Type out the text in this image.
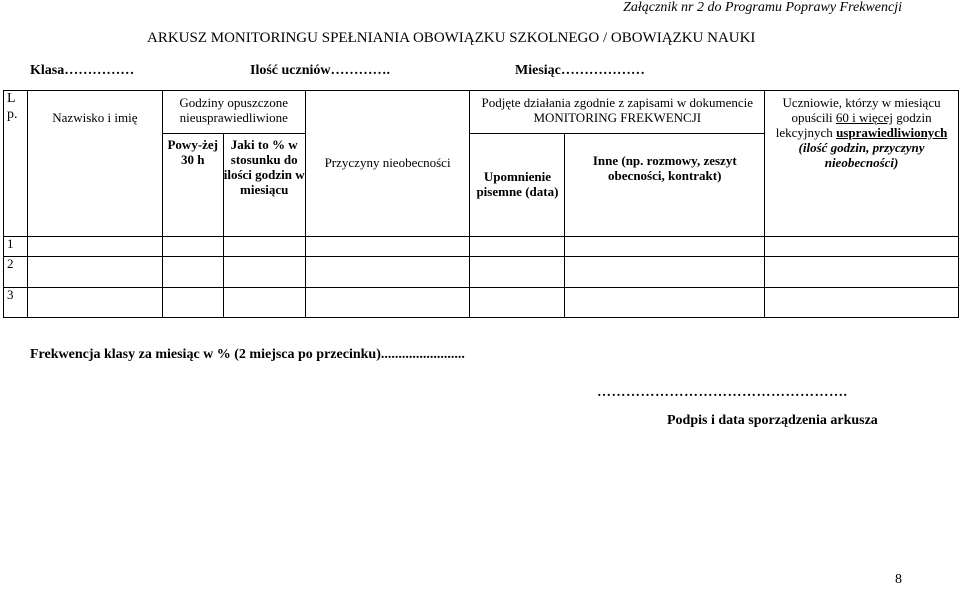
Załącznik nr 2 do Programu Poprawy Frekwencji
ARKUSZ MONITORINGU SPEŁNIANIA OBOWIĄZKU SZKOLNEGO / OBOWIĄZKU NAUKI
Klasa……………	Ilość uczniów………….	Miesiąc………………
L p.	Nazwisko i imię	Godziny opuszczone nieusprawiedliwione		Przyczyny nieobecności	Podjęte działania zgodnie z zapisami w dokumencie MONITORING FREKWENCJI		Uczniowie, którzy w miesiącu opuścili 60 i więcej godzin lekcyjnych usprawiedliwionych
(ilość godzin, przyczyny nieobecności)
		Powy-żej 30 h	Jaki to % w stosunku do ilości godzin w miesiącu		Upomnienie pisemne (data)	Inne (np. rozmowy, zeszyt obecności, kontrakt)	
1							
2							
3							
Frekwencja klasy za miesiąc w % (2 miejsca po przecinku)........................
…………………………………………….
Podpis i data sporządzenia arkusza
8
